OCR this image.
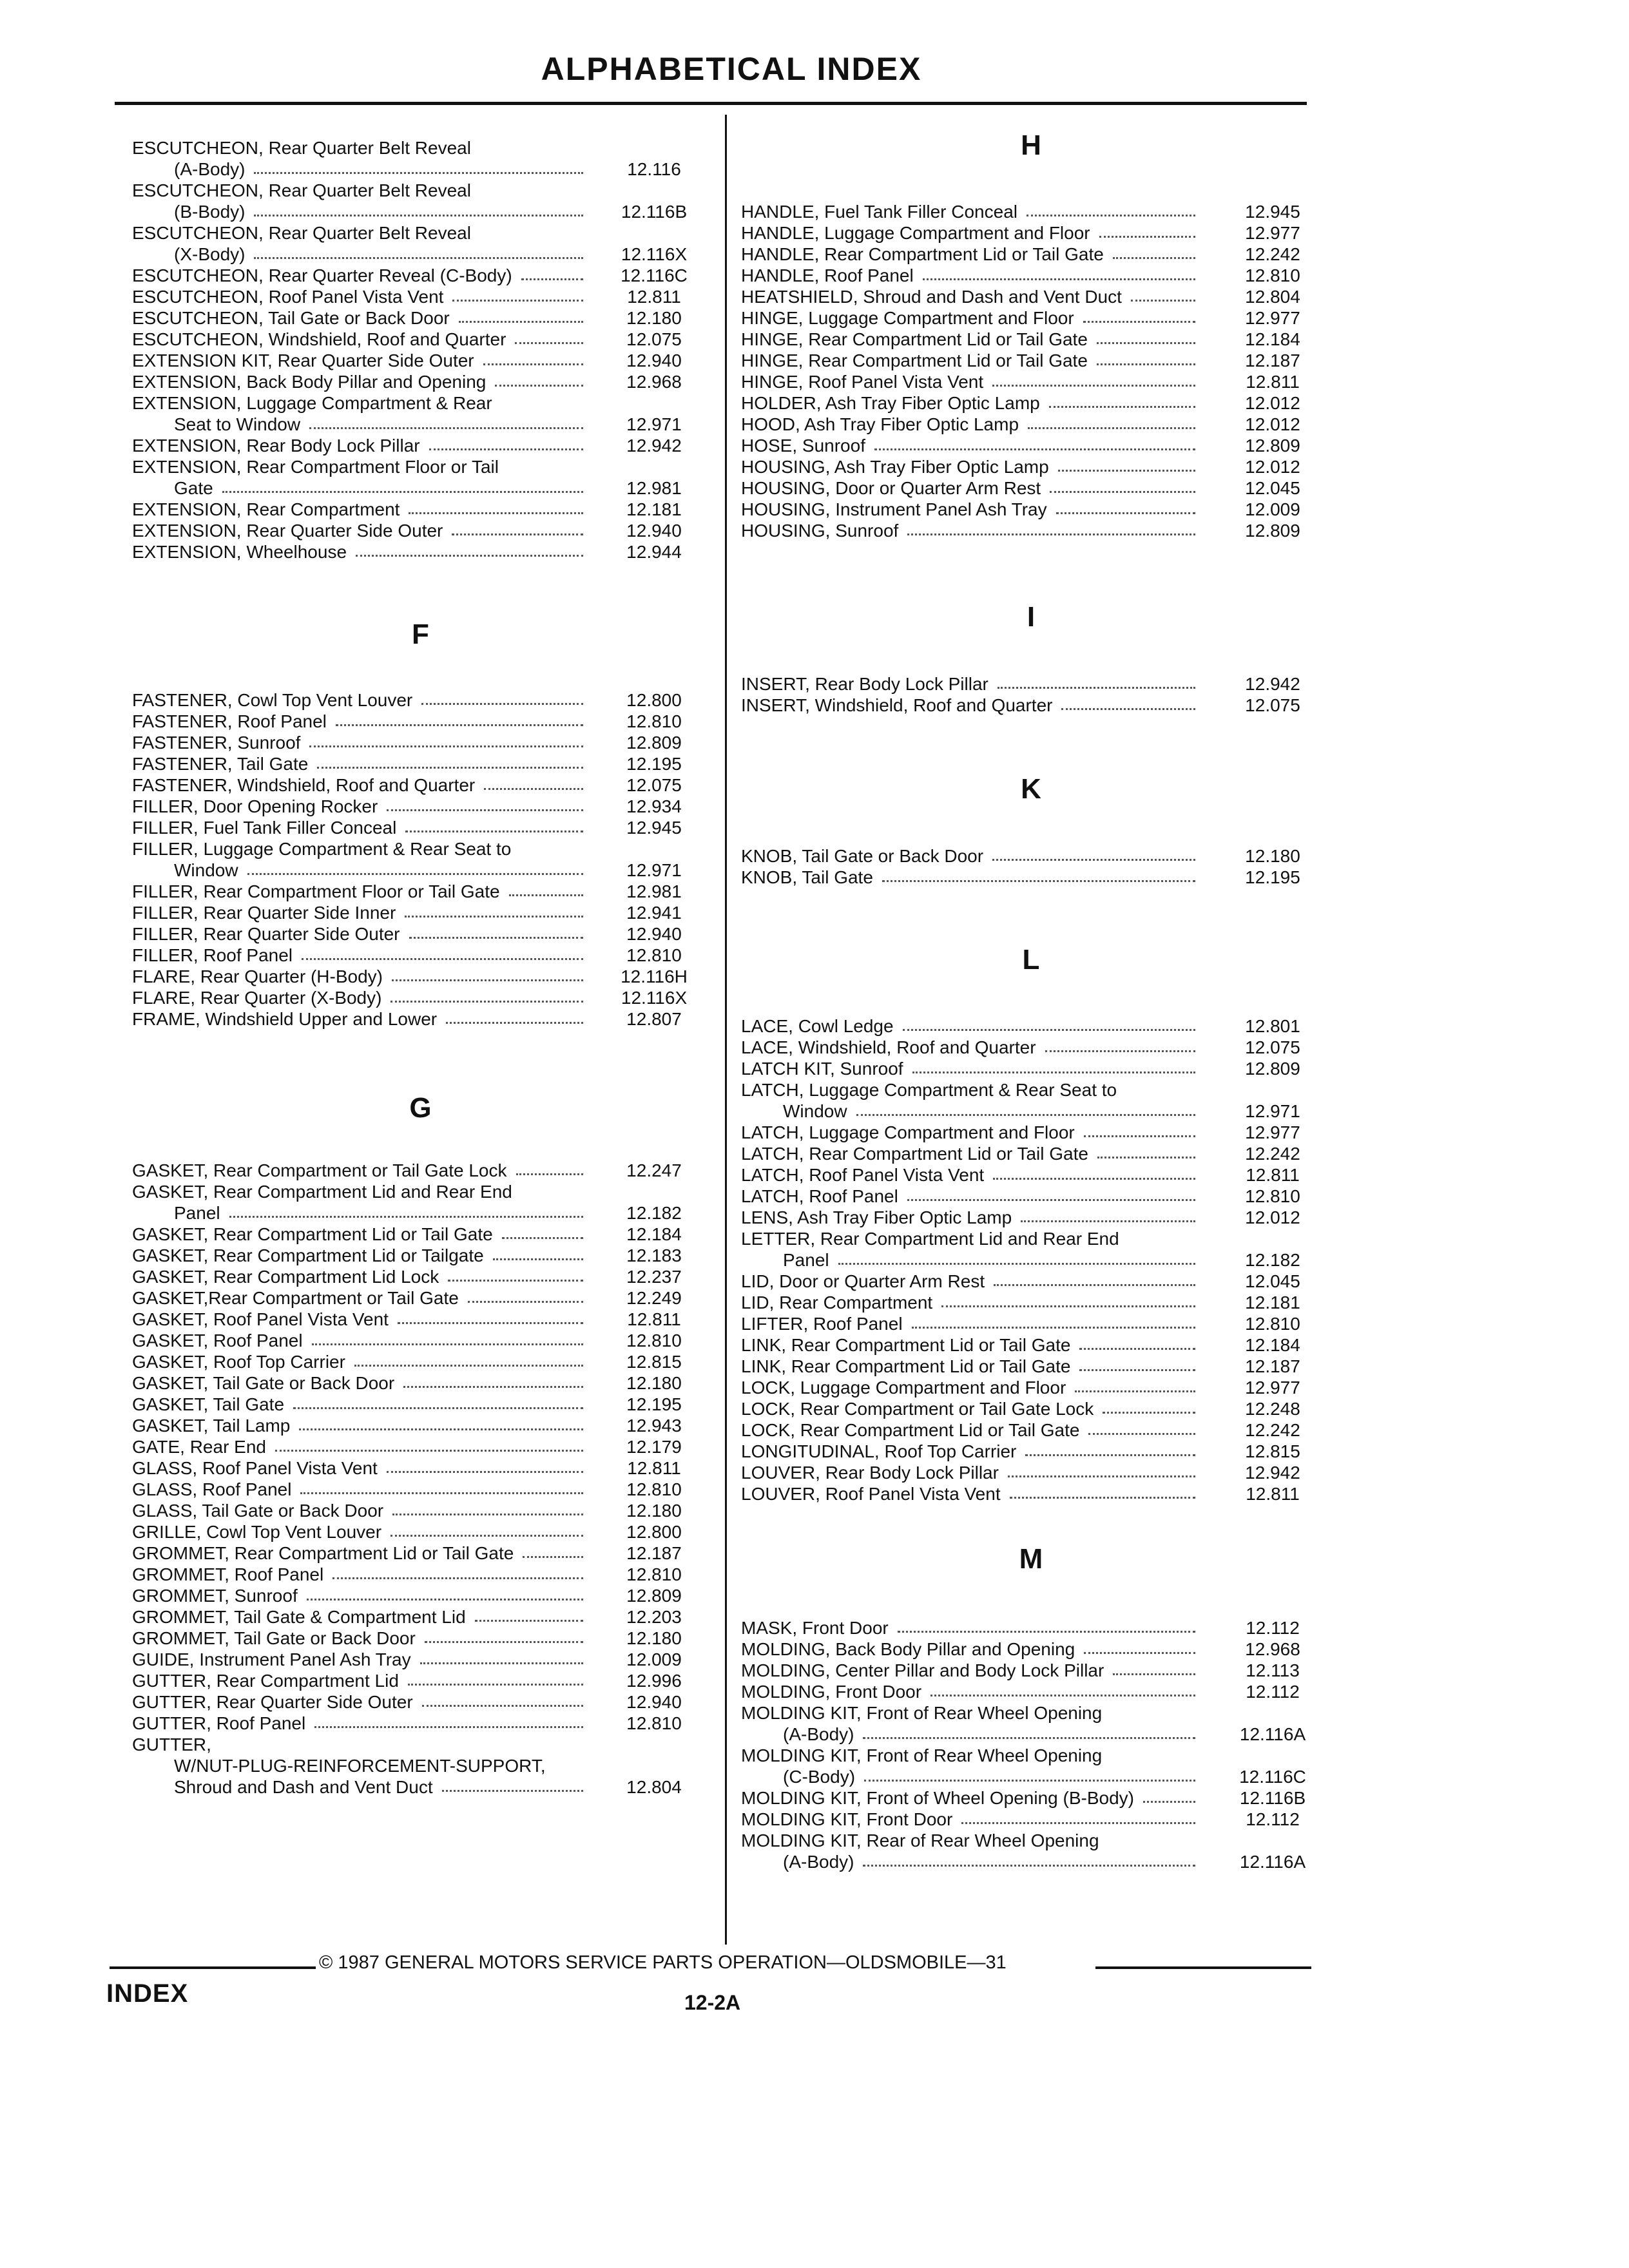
ALPHABETICAL INDEX
ESCUTCHEON, Rear Quarter Belt Reveal
(A-Body)	12.116
ESCUTCHEON, Rear Quarter Belt Reveal
(B-Body)	12.116B
ESCUTCHEON, Rear Quarter Belt Reveal
(X-Body)	12.116X
ESCUTCHEON, Rear Quarter Reveal (C-Body)	12.116C
ESCUTCHEON, Roof Panel Vista Vent	12.811
ESCUTCHEON, Tail Gate or Back Door	12.180
ESCUTCHEON, Windshield, Roof and Quarter	12.075
EXTENSION KIT, Rear Quarter Side Outer	12.940
EXTENSION, Back Body Pillar and Opening	12.968
EXTENSION, Luggage Compartment & Rear
Seat to Window	12.971
EXTENSION, Rear Body Lock Pillar	12.942
EXTENSION, Rear Compartment Floor or Tail
Gate	12.981
EXTENSION, Rear Compartment	12.181
EXTENSION, Rear Quarter Side Outer	12.940
EXTENSION, Wheelhouse	12.944
F
FASTENER, Cowl Top Vent Louver	12.800
FASTENER, Roof Panel	12.810
FASTENER, Sunroof	12.809
FASTENER, Tail Gate	12.195
FASTENER, Windshield, Roof and Quarter	12.075
FILLER, Door Opening Rocker	12.934
FILLER, Fuel Tank Filler Conceal	12.945
FILLER, Luggage Compartment & Rear Seat to
Window	12.971
FILLER, Rear Compartment Floor or Tail Gate	12.981
FILLER, Rear Quarter Side Inner	12.941
FILLER, Rear Quarter Side Outer	12.940
FILLER, Roof Panel	12.810
FLARE, Rear Quarter (H-Body)	12.116H
FLARE, Rear Quarter (X-Body)	12.116X
FRAME, Windshield Upper and Lower	12.807
G
GASKET, Rear Compartment or Tail Gate Lock	12.247
GASKET, Rear Compartment Lid and Rear End
Panel	12.182
GASKET, Rear Compartment Lid or Tail Gate	12.184
GASKET, Rear Compartment Lid or Tailgate	12.183
GASKET, Rear Compartment Lid Lock	12.237
GASKET,Rear Compartment or Tail Gate	12.249
GASKET, Roof Panel Vista Vent	12.811
GASKET, Roof Panel	12.810
GASKET, Roof Top Carrier	12.815
GASKET, Tail Gate or Back Door	12.180
GASKET, Tail Gate	12.195
GASKET, Tail Lamp	12.943
GATE, Rear End	12.179
GLASS, Roof Panel Vista Vent	12.811
GLASS, Roof Panel	12.810
GLASS, Tail Gate or Back Door	12.180
GRILLE, Cowl Top Vent Louver	12.800
GROMMET, Rear Compartment Lid or Tail Gate	12.187
GROMMET, Roof Panel	12.810
GROMMET, Sunroof	12.809
GROMMET, Tail Gate & Compartment Lid	12.203
GROMMET, Tail Gate or Back Door	12.180
GUIDE, Instrument Panel Ash Tray	12.009
GUTTER, Rear Compartment Lid	12.996
GUTTER, Rear Quarter Side Outer	12.940
GUTTER, Roof Panel	12.810
GUTTER,
W/NUT-PLUG-REINFORCEMENT-SUPPORT,
Shroud and Dash and Vent Duct	12.804
H
HANDLE, Fuel Tank Filler Conceal	12.945
HANDLE, Luggage Compartment and Floor	12.977
HANDLE, Rear Compartment Lid or Tail Gate	12.242
HANDLE, Roof Panel	12.810
HEATSHIELD, Shroud and Dash and Vent Duct	12.804
HINGE, Luggage Compartment and Floor	12.977
HINGE, Rear Compartment Lid or Tail Gate	12.184
HINGE, Rear Compartment Lid or Tail Gate	12.187
HINGE, Roof Panel Vista Vent	12.811
HOLDER, Ash Tray Fiber Optic Lamp	12.012
HOOD, Ash Tray Fiber Optic Lamp	12.012
HOSE, Sunroof	12.809
HOUSING, Ash Tray Fiber Optic Lamp	12.012
HOUSING, Door or Quarter Arm Rest	12.045
HOUSING, Instrument Panel Ash Tray	12.009
HOUSING, Sunroof	12.809
I
INSERT, Rear Body Lock Pillar	12.942
INSERT, Windshield, Roof and Quarter	12.075
K
KNOB, Tail Gate or Back Door	12.180
KNOB, Tail Gate	12.195
L
LACE, Cowl Ledge	12.801
LACE, Windshield, Roof and Quarter	12.075
LATCH KIT, Sunroof	12.809
LATCH, Luggage Compartment & Rear Seat to
Window	12.971
LATCH, Luggage Compartment and Floor	12.977
LATCH, Rear Compartment Lid or Tail Gate	12.242
LATCH, Roof Panel Vista Vent	12.811
LATCH, Roof Panel	12.810
LENS, Ash Tray Fiber Optic Lamp	12.012
LETTER, Rear Compartment Lid and Rear End
Panel	12.182
LID, Door or Quarter Arm Rest	12.045
LID, Rear Compartment	12.181
LIFTER, Roof Panel	12.810
LINK, Rear Compartment Lid or Tail Gate	12.184
LINK, Rear Compartment Lid or Tail Gate	12.187
LOCK, Luggage Compartment and Floor	12.977
LOCK, Rear Compartment or Tail Gate Lock	12.248
LOCK, Rear Compartment Lid or Tail Gate	12.242
LONGITUDINAL, Roof Top Carrier	12.815
LOUVER, Rear Body Lock Pillar	12.942
LOUVER, Roof Panel Vista Vent	12.811
M
MASK, Front Door	12.112
MOLDING, Back Body Pillar and Opening	12.968
MOLDING, Center Pillar and Body Lock Pillar	12.113
MOLDING, Front Door	12.112
MOLDING KIT, Front of Rear Wheel Opening
(A-Body)	12.116A
MOLDING KIT, Front of Rear Wheel Opening
(C-Body)	12.116C
MOLDING KIT, Front of Wheel Opening (B-Body)	12.116B
MOLDING KIT, Front Door	12.112
MOLDING KIT, Rear of Rear Wheel Opening
(A-Body)	12.116A
© 1987 GENERAL MOTORS SERVICE PARTS OPERATION—OLDSMOBILE—31
INDEX	12-2A
